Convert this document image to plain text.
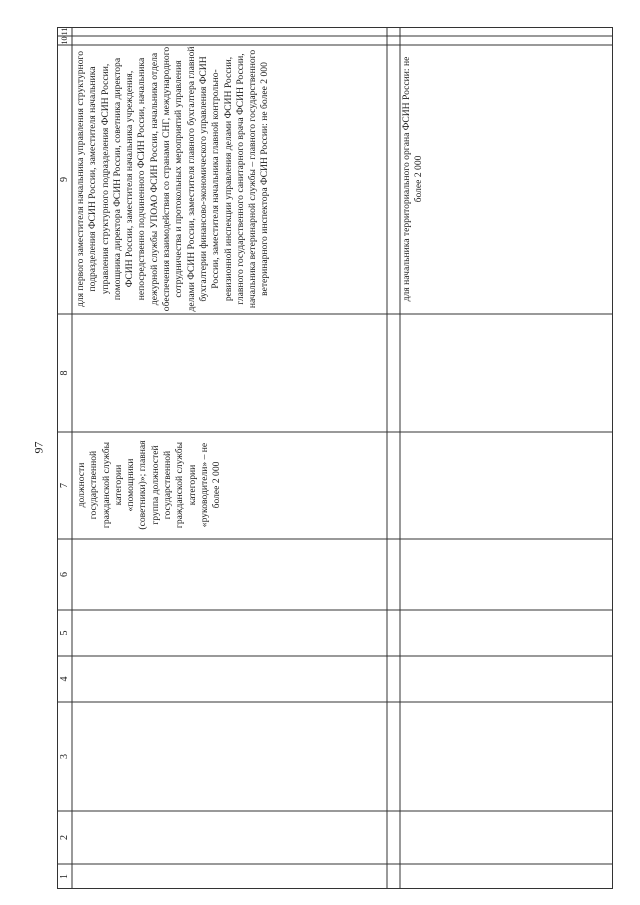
97
1
2
3
4
5
6
7
8
9
10
11
должности государственной гражданской службы категории «помощники (советники)»; главная группа должностей государственной гражданской службы категории «руководители» – не более 2 000
для первого заместителя начальника управления структурного подразделения ФСИН России, заместителя начальника управления структурного подразделения ФСИН России, помощника директора ФСИН России, советника директора ФСИН России, заместителя начальника учреждения, непосредственно подчиненного ФСИН России, начальника дежурной службы УПОАО ФСИН России, начальника отдела обеспечения взаимодействия со странами СНГ, международного сотрудничества и протокольных мероприятий управления делами ФСИН России, заместителя главного бухгалтера главной бухгалтерии финансово-экономического управления ФСИН России, заместителя начальника главной контрольно-ревизионной инспекции управления делами ФСИН России, главного государственного санитарного врача ФСИН России, начальника ветеринарной службы – главного государственного ветеринарного инспектора ФСИН России: не более 2 000	для начальника территориального органа ФСИН России: не более 2 000
